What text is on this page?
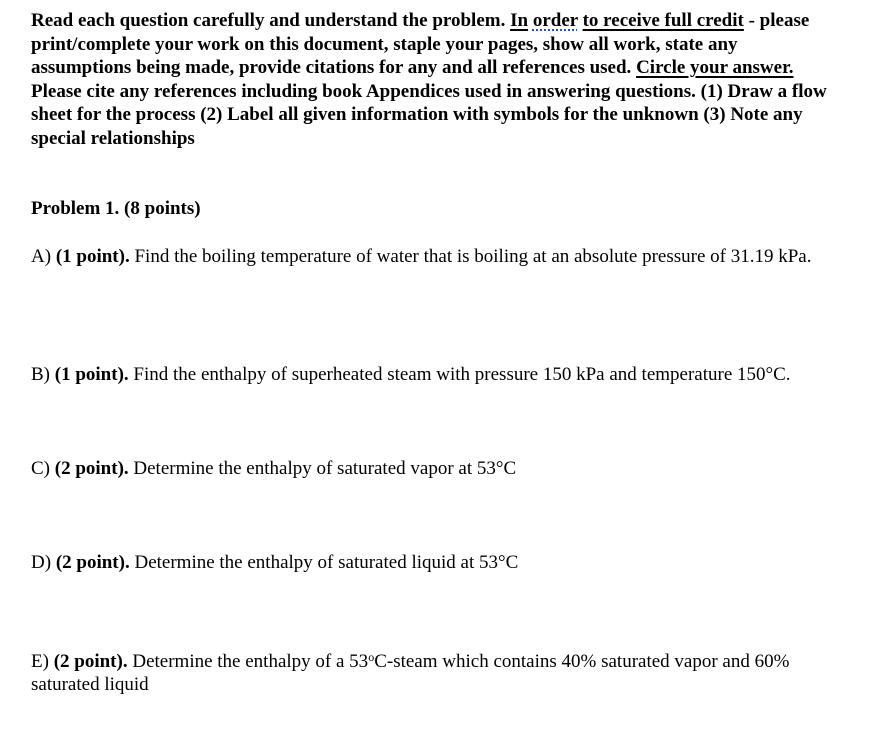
Read each question carefully and understand the problem. In order to receive full credit - please print/complete your work on this document, staple your pages, show all work, state any assumptions being made, provide citations for any and all references used. Circle your answer. Please cite any references including book Appendices used in answering questions. (1) Draw a flow sheet for the process (2) Label all given information with symbols for the unknown (3) Note any special relationships
Problem 1. (8 points)
A) (1 point). Find the boiling temperature of water that is boiling at an absolute pressure of 31.19 kPa.
B) (1 point). Find the enthalpy of superheated steam with pressure 150 kPa and temperature 150°C.
C) (2 point). Determine the enthalpy of saturated vapor at 53°C
D) (2 point). Determine the enthalpy of saturated liquid at 53°C
E) (2 point). Determine the enthalpy of a 53$^o$C-steam which contains 40% saturated vapor and 60% saturated liquid
